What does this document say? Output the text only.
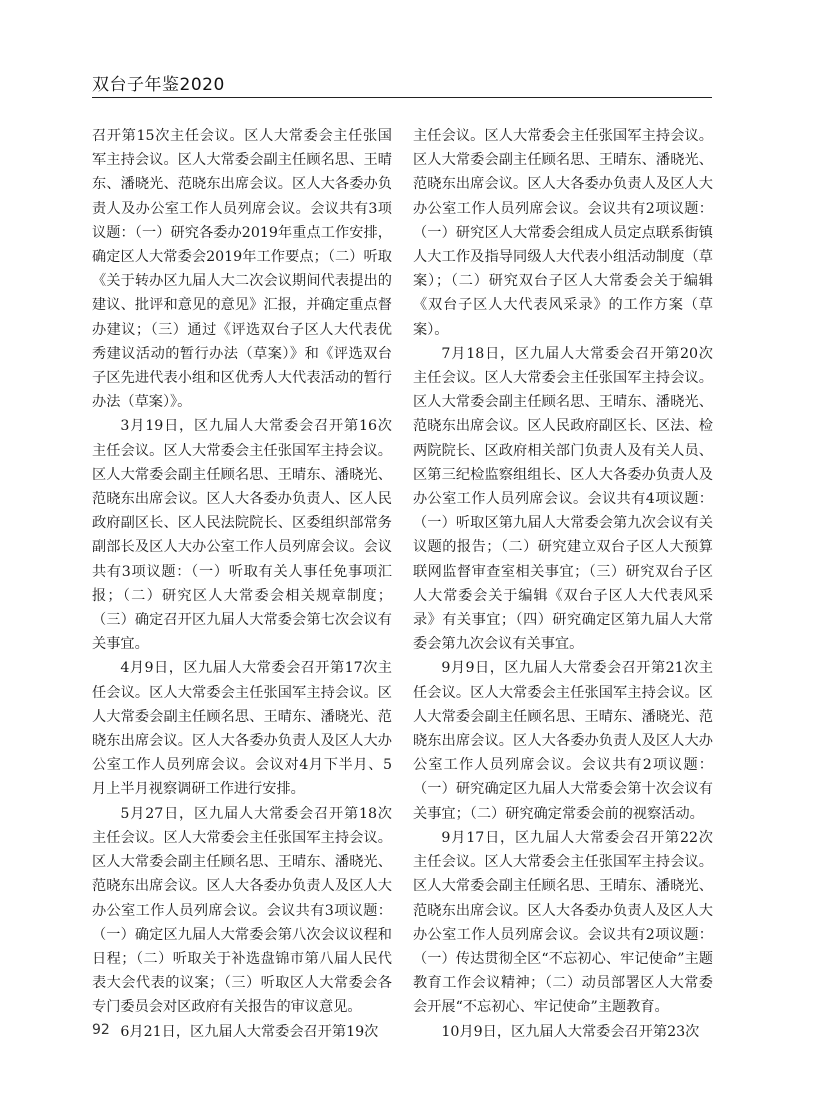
双台子年鉴2020

召开第15次主任会议。区人大常委会主任张国军主持会议。区人大常委会副主任顾名思、王晴东、潘晓光、范晓东出席会议。区人大各委办负责人及办公室工作人员列席会议。会议共有3项议题：（一）研究各委办2019年重点工作安排，确定区人大常委会2019年工作要点；（二）听取《关于转办区九届人大二次会议期间代表提出的建议、批评和意见的意见》汇报，并确定重点督办建议；（三）通过《评选双台子区人大代表优秀建议活动的暂行办法（草案）》和《评选双台子区先进代表小组和区优秀人大代表活动的暂行办法（草案）》。

3月19日，区九届人大常委会召开第16次主任会议。区人大常委会主任张国军主持会议。区人大常委会副主任顾名思、王晴东、潘晓光、范晓东出席会议。区人大各委办负责人、区人民政府副区长、区人民法院院长、区委组织部常务副部长及区人大办公室工作人员列席会议。会议共有3项议题：（一）听取有关人事任免事项汇报；（二）研究区人大常委会相关规章制度；（三）确定召开区九届人大常委会第七次会议有关事宜。

4月9日，区九届人大常委会召开第17次主任会议。区人大常委会主任张国军主持会议。区人大常委会副主任顾名思、王晴东、潘晓光、范晓东出席会议。区人大各委办负责人及区人大办公室工作人员列席会议。会议对4月下半月、5月上半月视察调研工作进行安排。

5月27日，区九届人大常委会召开第18次主任会议。区人大常委会主任张国军主持会议。区人大常委会副主任顾名思、王晴东、潘晓光、范晓东出席会议。区人大各委办负责人及区人大办公室工作人员列席会议。会议共有3项议题：（一）确定区九届人大常委会第八次会议议程和日程；（二）听取关于补选盘锦市第八届人民代表大会代表的议案；（三）听取区人大常委会各专门委员会对区政府有关报告的审议意见。

6月21日，区九届人大常委会召开第19次

主任会议。区人大常委会主任张国军主持会议。区人大常委会副主任顾名思、王晴东、潘晓光、范晓东出席会议。区人大各委办负责人及区人大办公室工作人员列席会议。会议共有2项议题：（一）研究区人大常委会组成人员定点联系街镇人大工作及指导同级人大代表小组活动制度（草案）；（二）研究双台子区人大常委会关于编辑《双台子区人大代表风采录》的工作方案（草案）。

7月18日，区九届人大常委会召开第20次主任会议。区人大常委会主任张国军主持会议。区人大常委会副主任顾名思、王晴东、潘晓光、范晓东出席会议。区人民政府副区长、区法、检两院院长、区政府相关部门负责人及有关人员、区第三纪检监察组组长、区人大各委办负责人及办公室工作人员列席会议。会议共有4项议题：（一）听取区第九届人大常委会第九次会议有关议题的报告；（二）研究建立双台子区人大预算联网监督审查室相关事宜；（三）研究双台子区人大常委会关于编辑《双台子区人大代表风采录》有关事宜；（四）研究确定区第九届人大常委会第九次会议有关事宜。

9月9日，区九届人大常委会召开第21次主任会议。区人大常委会主任张国军主持会议。区人大常委会副主任顾名思、王晴东、潘晓光、范晓东出席会议。区人大各委办负责人及区人大办公室工作人员列席会议。会议共有2项议题：（一）研究确定区九届人大常委会第十次会议有关事宜；（二）研究确定常委会前的视察活动。

9月17日，区九届人大常委会召开第22次主任会议。区人大常委会主任张国军主持会议。区人大常委会副主任顾名思、王晴东、潘晓光、范晓东出席会议。区人大各委办负责人及区人大办公室工作人员列席会议。会议共有2项议题：（一）传达贯彻全区“不忘初心、牢记使命”主题教育工作会议精神；（二）动员部署区人大常委会开展“不忘初心、牢记使命”主题教育。

10月9日，区九届人大常委会召开第23次

92
